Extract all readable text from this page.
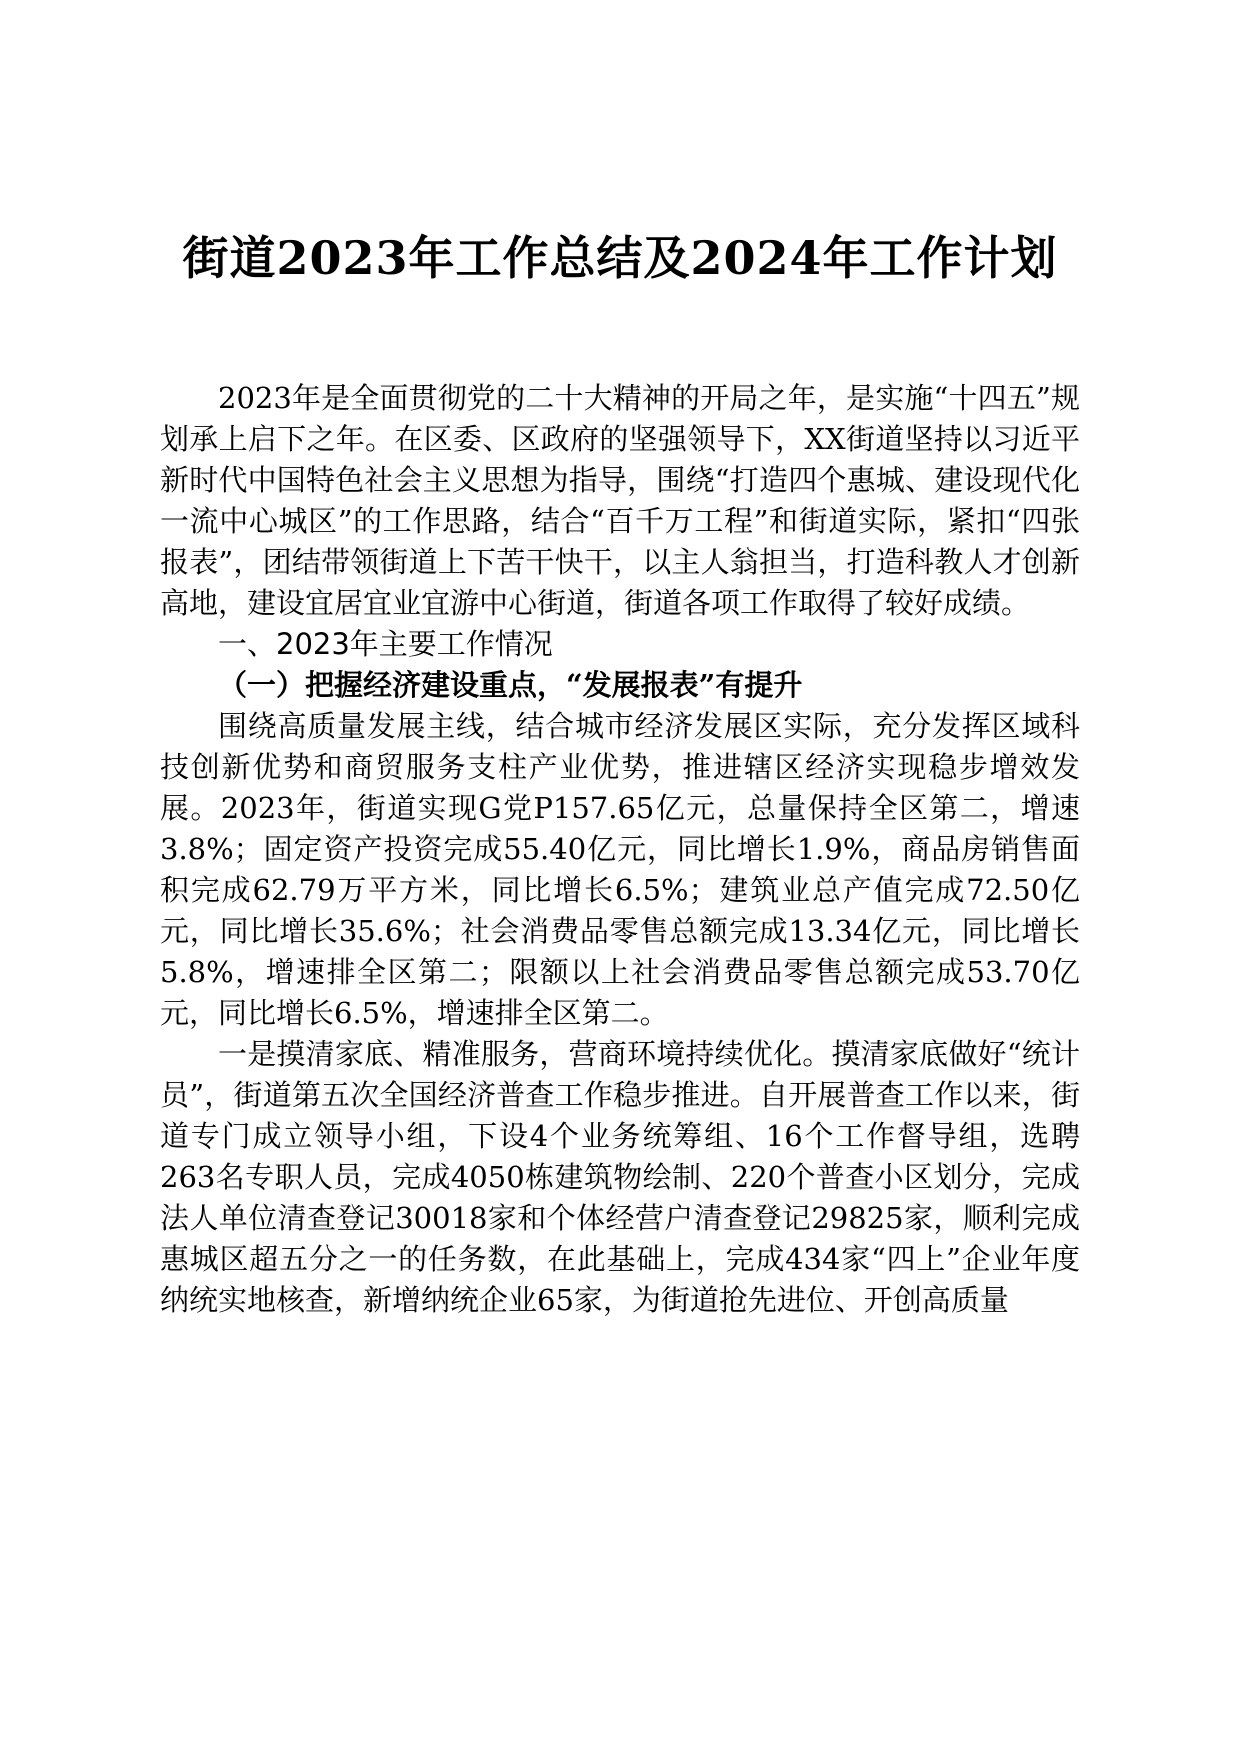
街道2023年工作总结及2024年工作计划

2023年是全面贯彻党的二十大精神的开局之年，是实施“十四五”规划承上启下之年。在区委、区政府的坚强领导下，XX街道坚持以习近平新时代中国特色社会主义思想为指导，围绕“打造四个惠城、建设现代化一流中心城区”的工作思路，结合“百千万工程”和街道实际，紧扣“四张报表”，团结带领街道上下苦干快干，以主人翁担当，打造科教人才创新高地，建设宜居宜业宜游中心街道，街道各项工作取得了较好成绩。

一、2023年主要工作情况

（一）把握经济建设重点，“发展报表”有提升

围绕高质量发展主线，结合城市经济发展区实际，充分发挥区域科技创新优势和商贸服务支柱产业优势，推进辖区经济实现稳步增效发展。2023年，街道实现G党P157.65亿元，总量保持全区第二，增速3.8%；固定资产投资完成55.40亿元，同比增长1.9%，商品房销售面积完成62.79万平方米，同比增长6.5%；建筑业总产值完成72.50亿元，同比增长35.6%；社会消费品零售总额完成13.34亿元，同比增长5.8%，增速排全区第二；限额以上社会消费品零售总额完成53.70亿元，同比增长6.5%，增速排全区第二。

一是摸清家底、精准服务，营商环境持续优化。摸清家底做好“统计员”，街道第五次全国经济普查工作稳步推进。自开展普查工作以来，街道专门成立领导小组，下设4个业务统筹组、16个工作督导组，选聘263名专职人员，完成4050栋建筑物绘制、220个普查小区划分，完成法人单位清查登记30018家和个体经营户清查登记29825家，顺利完成惠城区超五分之一的任务数，在此基础上，完成434家“四上”企业年度纳统实地核查，新增纳统企业65家，为街道抢先进位、开创高质量
